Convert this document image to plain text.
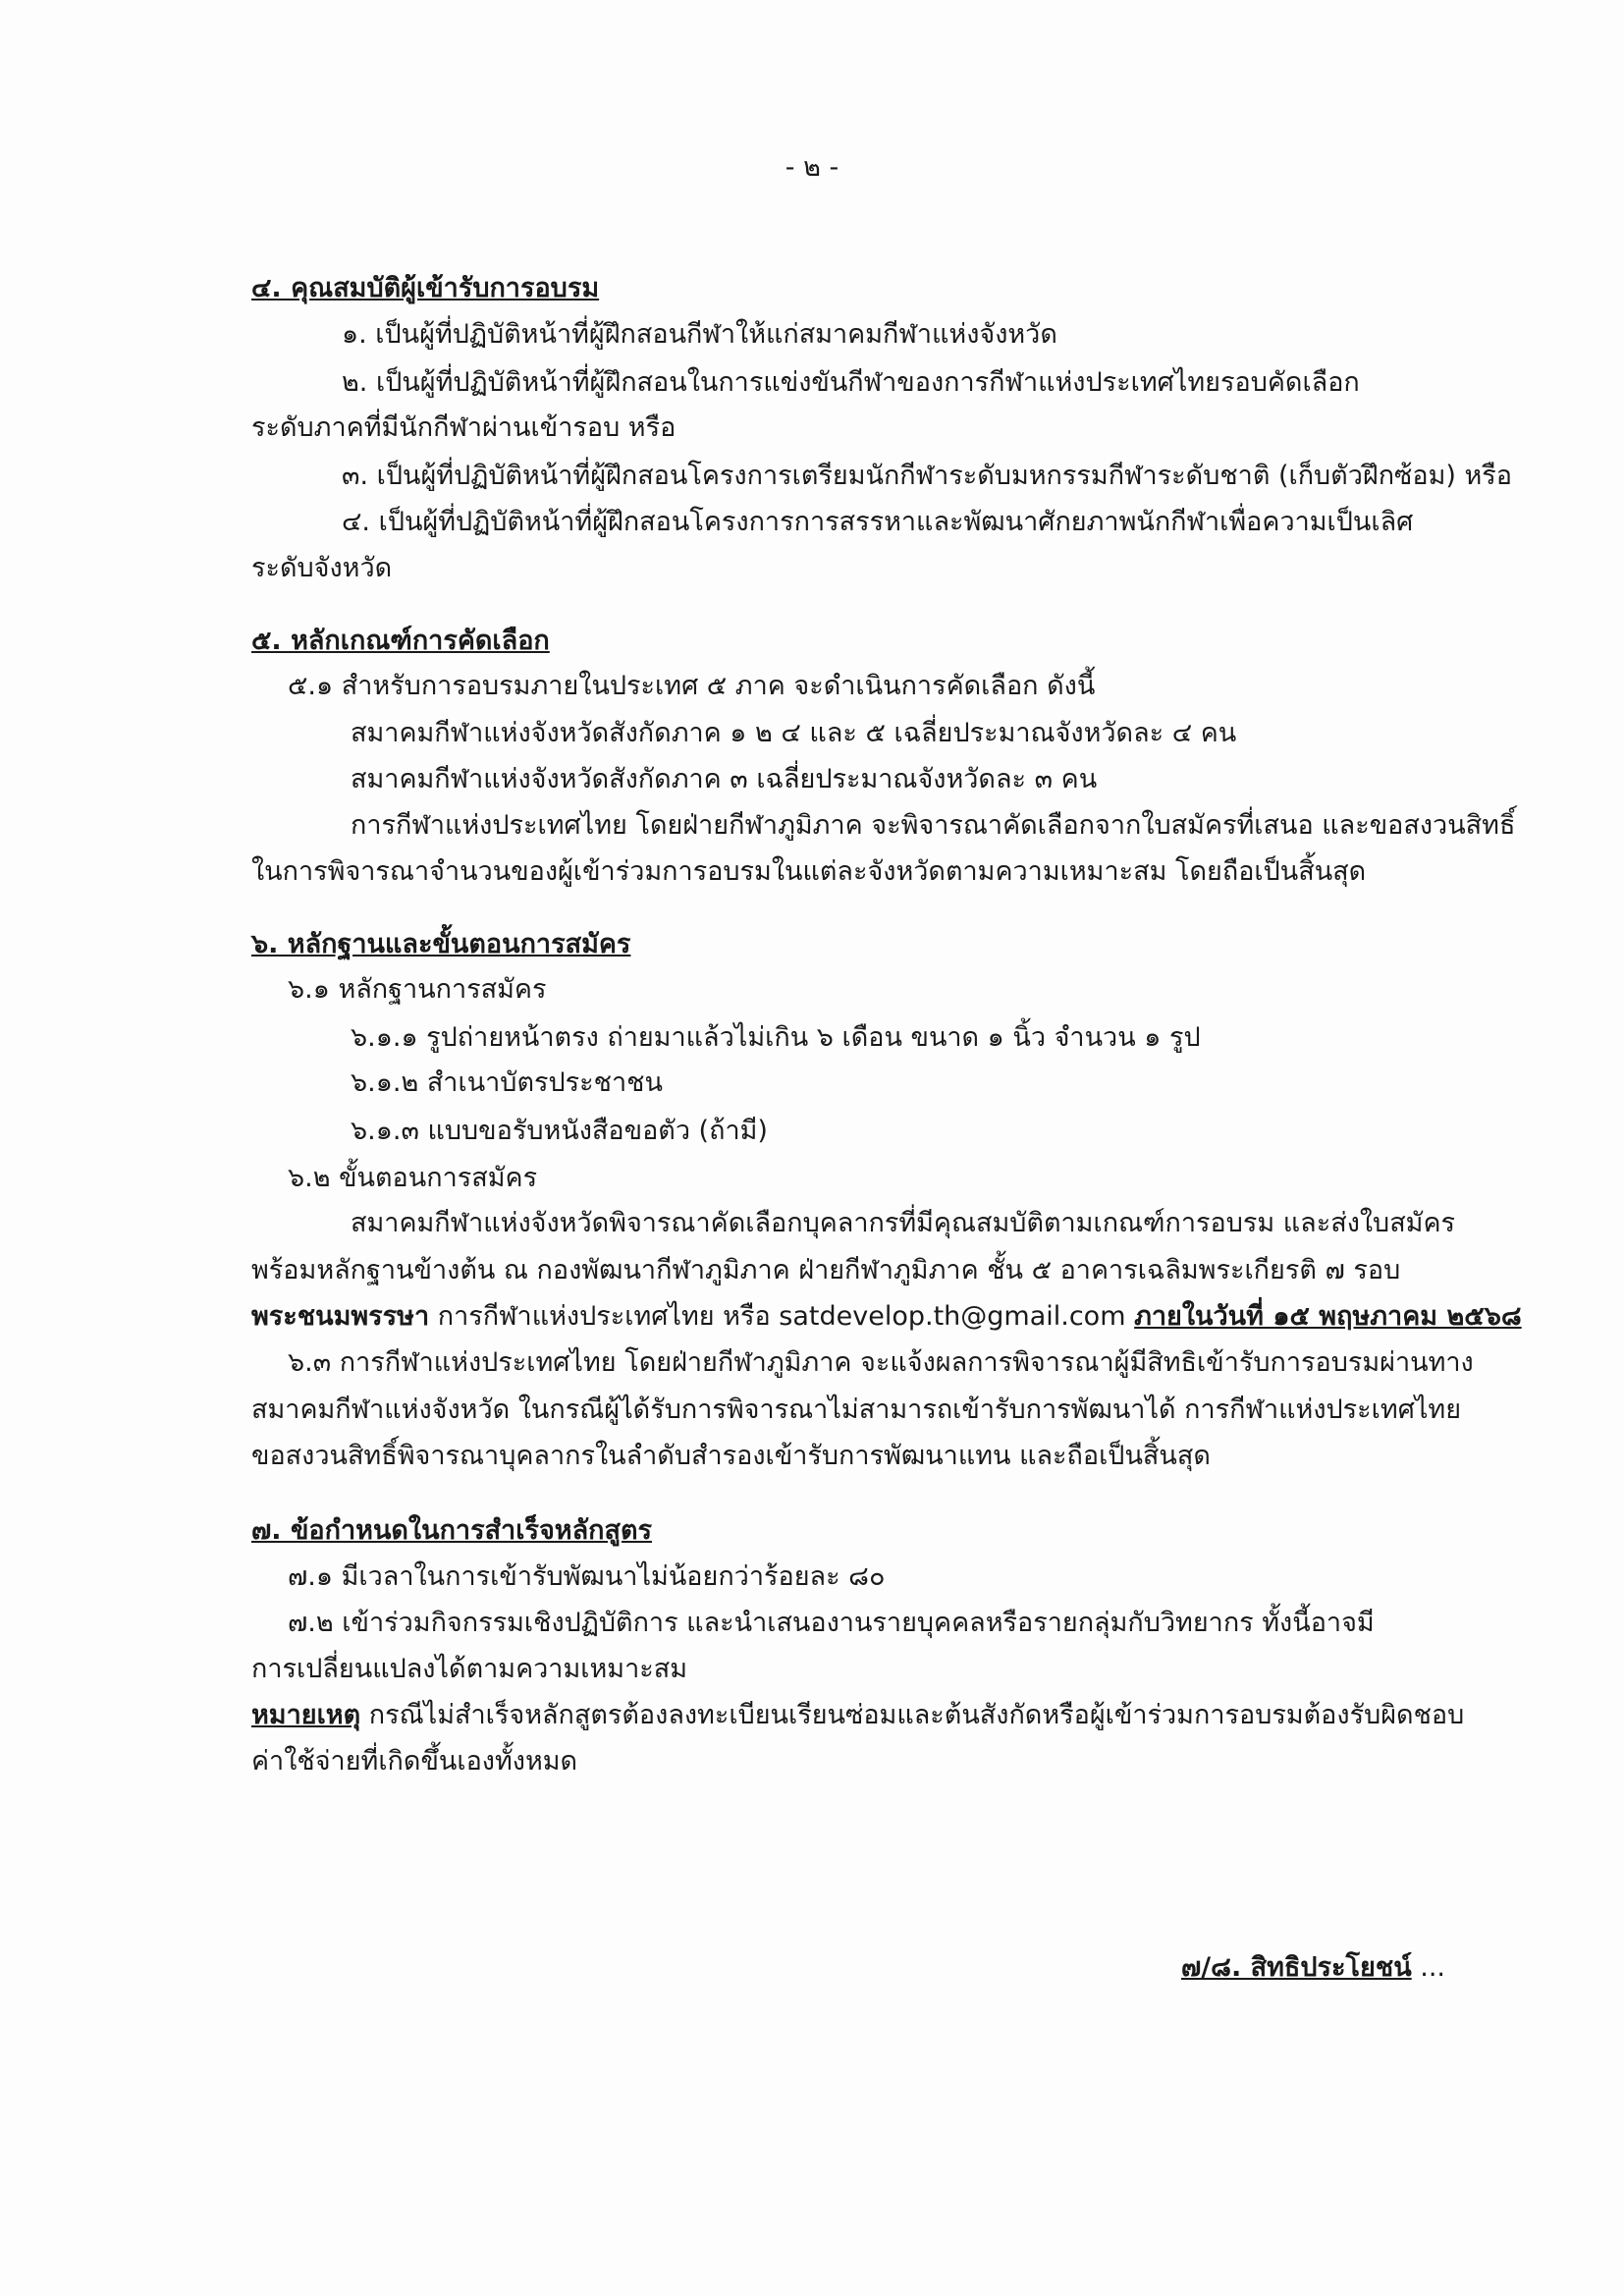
- ๒ -
๔. คุณสมบัติผู้เข้ารับการอบรม
๑. เป็นผู้ที่ปฏิบัติหน้าที่ผู้ฝึกสอนกีฬาให้แก่สมาคมกีฬาแห่งจังหวัด
๒. เป็นผู้ที่ปฏิบัติหน้าที่ผู้ฝึกสอนในการแข่งขันกีฬาของการกีฬาแห่งประเทศไทยรอบคัดเลือก
ระดับภาคที่มีนักกีฬาผ่านเข้ารอบ หรือ
๓. เป็นผู้ที่ปฏิบัติหน้าที่ผู้ฝึกสอนโครงการเตรียมนักกีฬาระดับมหกรรมกีฬาระดับชาติ (เก็บตัวฝึกซ้อม) หรือ
๔. เป็นผู้ที่ปฏิบัติหน้าที่ผู้ฝึกสอนโครงการการสรรหาและพัฒนาศักยภาพนักกีฬาเพื่อความเป็นเลิศ
ระดับจังหวัด
๕. หลักเกณฑ์การคัดเลือก
๕.๑ สำหรับการอบรมภายในประเทศ ๕ ภาค จะดำเนินการคัดเลือก ดังนี้
สมาคมกีฬาแห่งจังหวัดสังกัดภาค ๑ ๒ ๔ และ ๕ เฉลี่ยประมาณจังหวัดละ ๔ คน
สมาคมกีฬาแห่งจังหวัดสังกัดภาค ๓ เฉลี่ยประมาณจังหวัดละ ๓ คน
การกีฬาแห่งประเทศไทย โดยฝ่ายกีฬาภูมิภาค จะพิจารณาคัดเลือกจากใบสมัครที่เสนอ และขอสงวนสิทธิ์
ในการพิจารณาจำนวนของผู้เข้าร่วมการอบรมในแต่ละจังหวัดตามความเหมาะสม โดยถือเป็นสิ้นสุด
๖. หลักฐานและขั้นตอนการสมัคร
๖.๑ หลักฐานการสมัคร
๖.๑.๑ รูปถ่ายหน้าตรง ถ่ายมาแล้วไม่เกิน ๖ เดือน ขนาด ๑ นิ้ว จำนวน ๑ รูป
๖.๑.๒ สำเนาบัตรประชาชน
๖.๑.๓ แบบขอรับหนังสือขอตัว (ถ้ามี)
๖.๒ ขั้นตอนการสมัคร
สมาคมกีฬาแห่งจังหวัดพิจารณาคัดเลือกบุคลากรที่มีคุณสมบัติตามเกณฑ์การอบรม และส่งใบสมัคร
พร้อมหลักฐานข้างต้น ณ กองพัฒนากีฬาภูมิภาค ฝ่ายกีฬาภูมิภาค ชั้น ๕ อาคารเฉลิมพระเกียรติ ๗ รอบ
พระชนมพรรษา การกีฬาแห่งประเทศไทย หรือ satdevelop.th@gmail.com ภายในวันที่ ๑๕ พฤษภาคม ๒๕๖๘
๖.๓ การกีฬาแห่งประเทศไทย โดยฝ่ายกีฬาภูมิภาค จะแจ้งผลการพิจารณาผู้มีสิทธิเข้ารับการอบรมผ่านทาง
สมาคมกีฬาแห่งจังหวัด ในกรณีผู้ได้รับการพิจารณาไม่สามารถเข้ารับการพัฒนาได้ การกีฬาแห่งประเทศไทย
ขอสงวนสิทธิ์พิจารณาบุคลากรในลำดับสำรองเข้ารับการพัฒนาแทน และถือเป็นสิ้นสุด
๗. ข้อกำหนดในการสำเร็จหลักสูตร
๗.๑ มีเวลาในการเข้ารับพัฒนาไม่น้อยกว่าร้อยละ ๘๐
๗.๒ เข้าร่วมกิจกรรมเชิงปฏิบัติการ และนำเสนองานรายบุคคลหรือรายกลุ่มกับวิทยากร ทั้งนี้อาจมี
การเปลี่ยนแปลงได้ตามความเหมาะสม
หมายเหตุ กรณีไม่สำเร็จหลักสูตรต้องลงทะเบียนเรียนซ่อมและต้นสังกัดหรือผู้เข้าร่วมการอบรมต้องรับผิดชอบ
ค่าใช้จ่ายที่เกิดขึ้นเองทั้งหมด
๗/๘. สิทธิประโยชน์ ...
